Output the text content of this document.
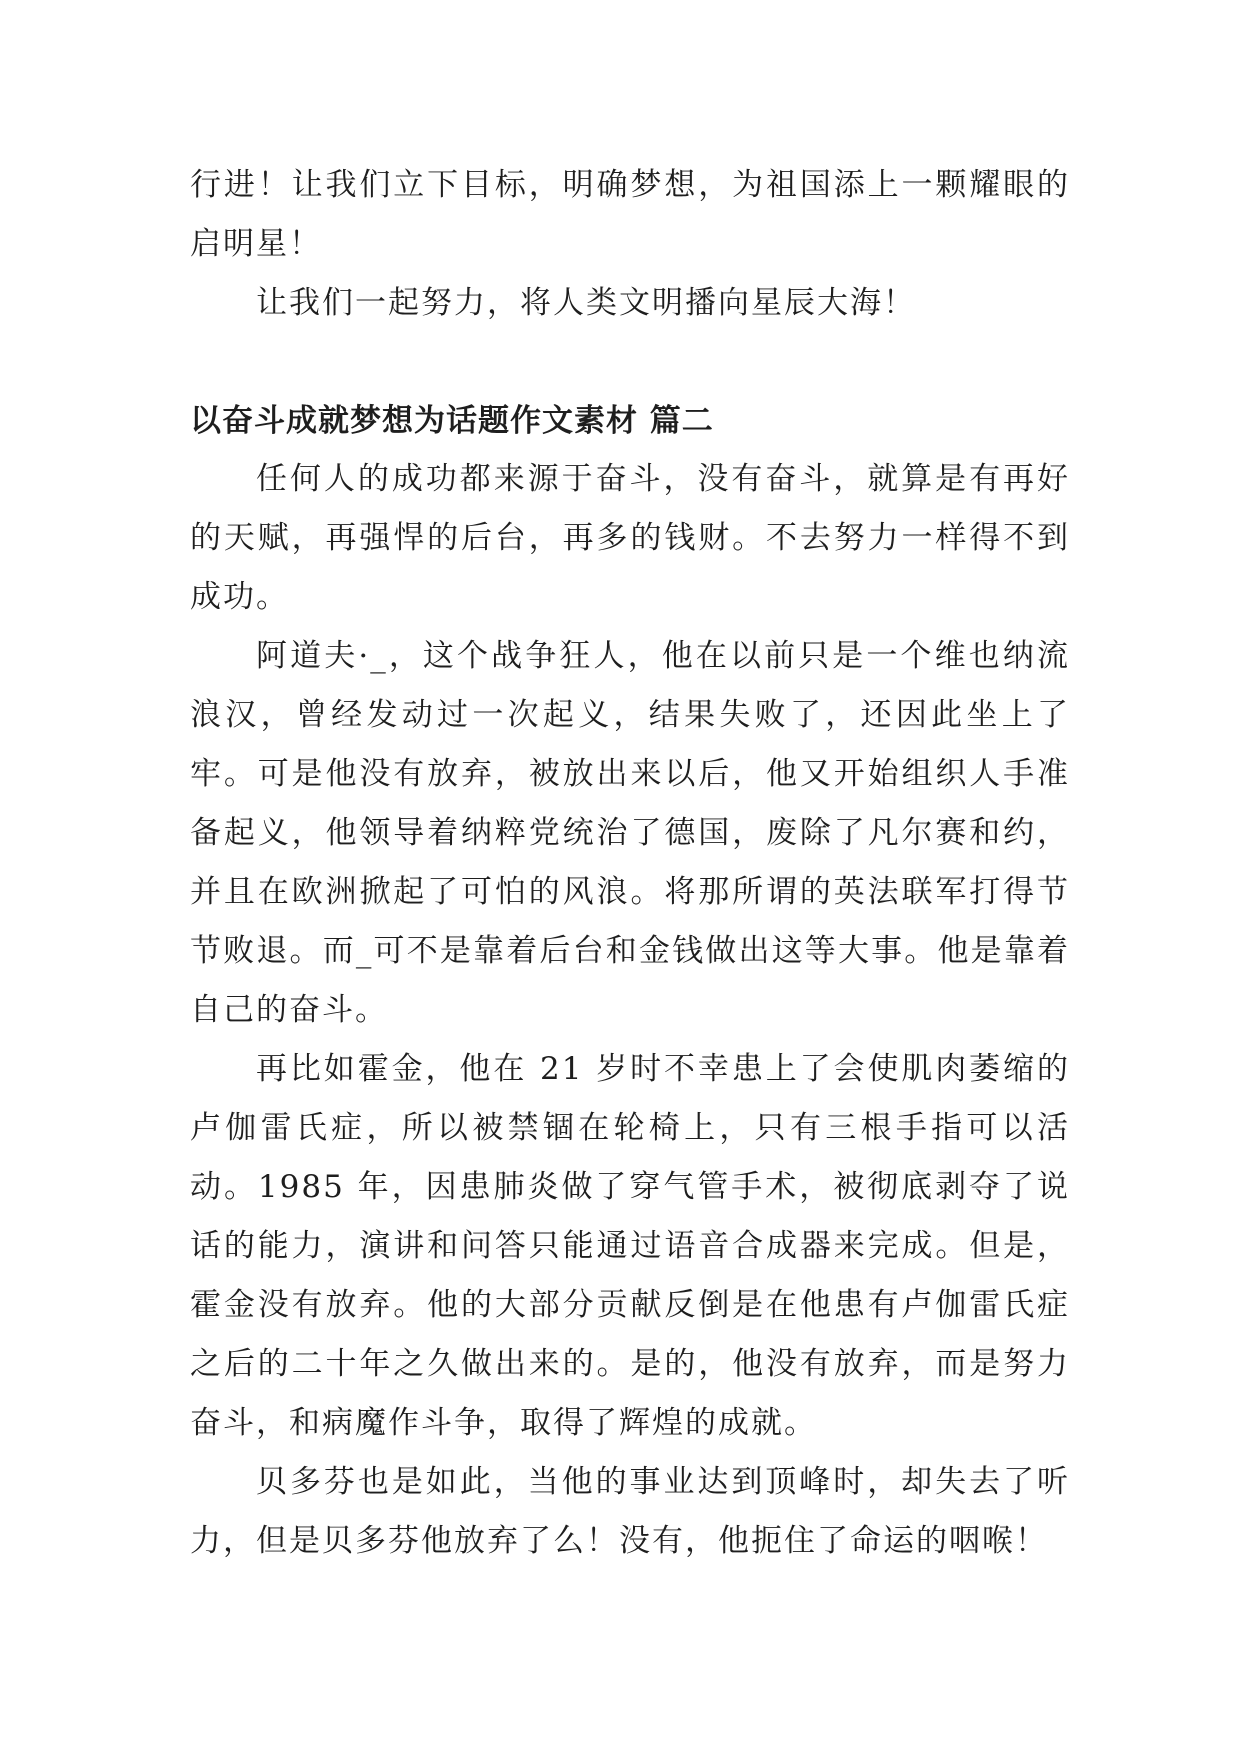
行进！让我们立下目标，明确梦想，为祖国添上一颗耀眼的启明星！

让我们一起努力，将人类文明播向星辰大海！

以奋斗成就梦想为话题作文素材 篇二

任何人的成功都来源于奋斗，没有奋斗，就算是有再好的天赋，再强悍的后台，再多的钱财。不去努力一样得不到成功。

阿道夫·_，这个战争狂人，他在以前只是一个维也纳流浪汉，曾经发动过一次起义，结果失败了，还因此坐上了牢。可是他没有放弃，被放出来以后，他又开始组织人手准备起义，他领导着纳粹党统治了德国，废除了凡尔赛和约，并且在欧洲掀起了可怕的风浪。将那所谓的英法联军打得节节败退。而_可不是靠着后台和金钱做出这等大事。他是靠着自己的奋斗。

再比如霍金，他在 21 岁时不幸患上了会使肌肉萎缩的卢伽雷氏症，所以被禁锢在轮椅上，只有三根手指可以活动。1985 年，因患肺炎做了穿气管手术，被彻底剥夺了说话的能力，演讲和问答只能通过语音合成器来完成。但是，霍金没有放弃。他的大部分贡献反倒是在他患有卢伽雷氏症之后的二十年之久做出来的。是的，他没有放弃，而是努力奋斗，和病魔作斗争，取得了辉煌的成就。

贝多芬也是如此，当他的事业达到顶峰时，却失去了听力，但是贝多芬他放弃了么！没有，他扼住了命运的咽喉！
